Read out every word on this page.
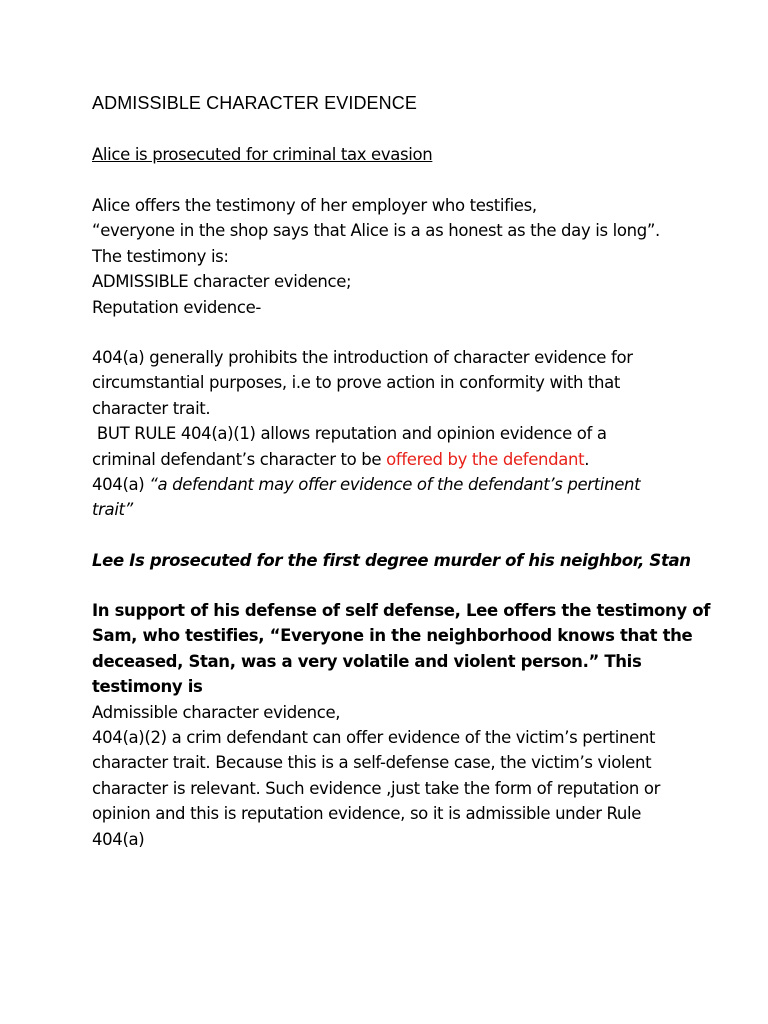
ADMISSIBLE CHARACTER EVIDENCE

Alice is prosecuted for criminal tax evasion

Alice offers the testimony of her employer who testifies,
“everyone in the shop says that Alice is a as honest as the day is long”.
The testimony is:
ADMISSIBLE character evidence;
Reputation evidence-

404(a) generally prohibits the introduction of character evidence for
circumstantial purposes, i.e to prove action in conformity with that
character trait.
BUT RULE 404(a)(1) allows reputation and opinion evidence of a
criminal defendant’s character to be offered by the defendant.
404(a) “a defendant may offer evidence of the defendant’s pertinent
trait”

Lee Is prosecuted for the first degree murder of his neighbor, Stan

In support of his defense of self defense, Lee offers the testimony of
Sam, who testifies, “Everyone in the neighborhood knows that the
deceased, Stan, was a very volatile and violent person.” This
testimony is
Admissible character evidence,
404(a)(2) a crim defendant can offer evidence of the victim’s pertinent
character trait. Because this is a self-defense case, the victim’s violent
character is relevant. Such evidence ,just take the form of reputation or
opinion and this is reputation evidence, so it is admissible under Rule
404(a)
